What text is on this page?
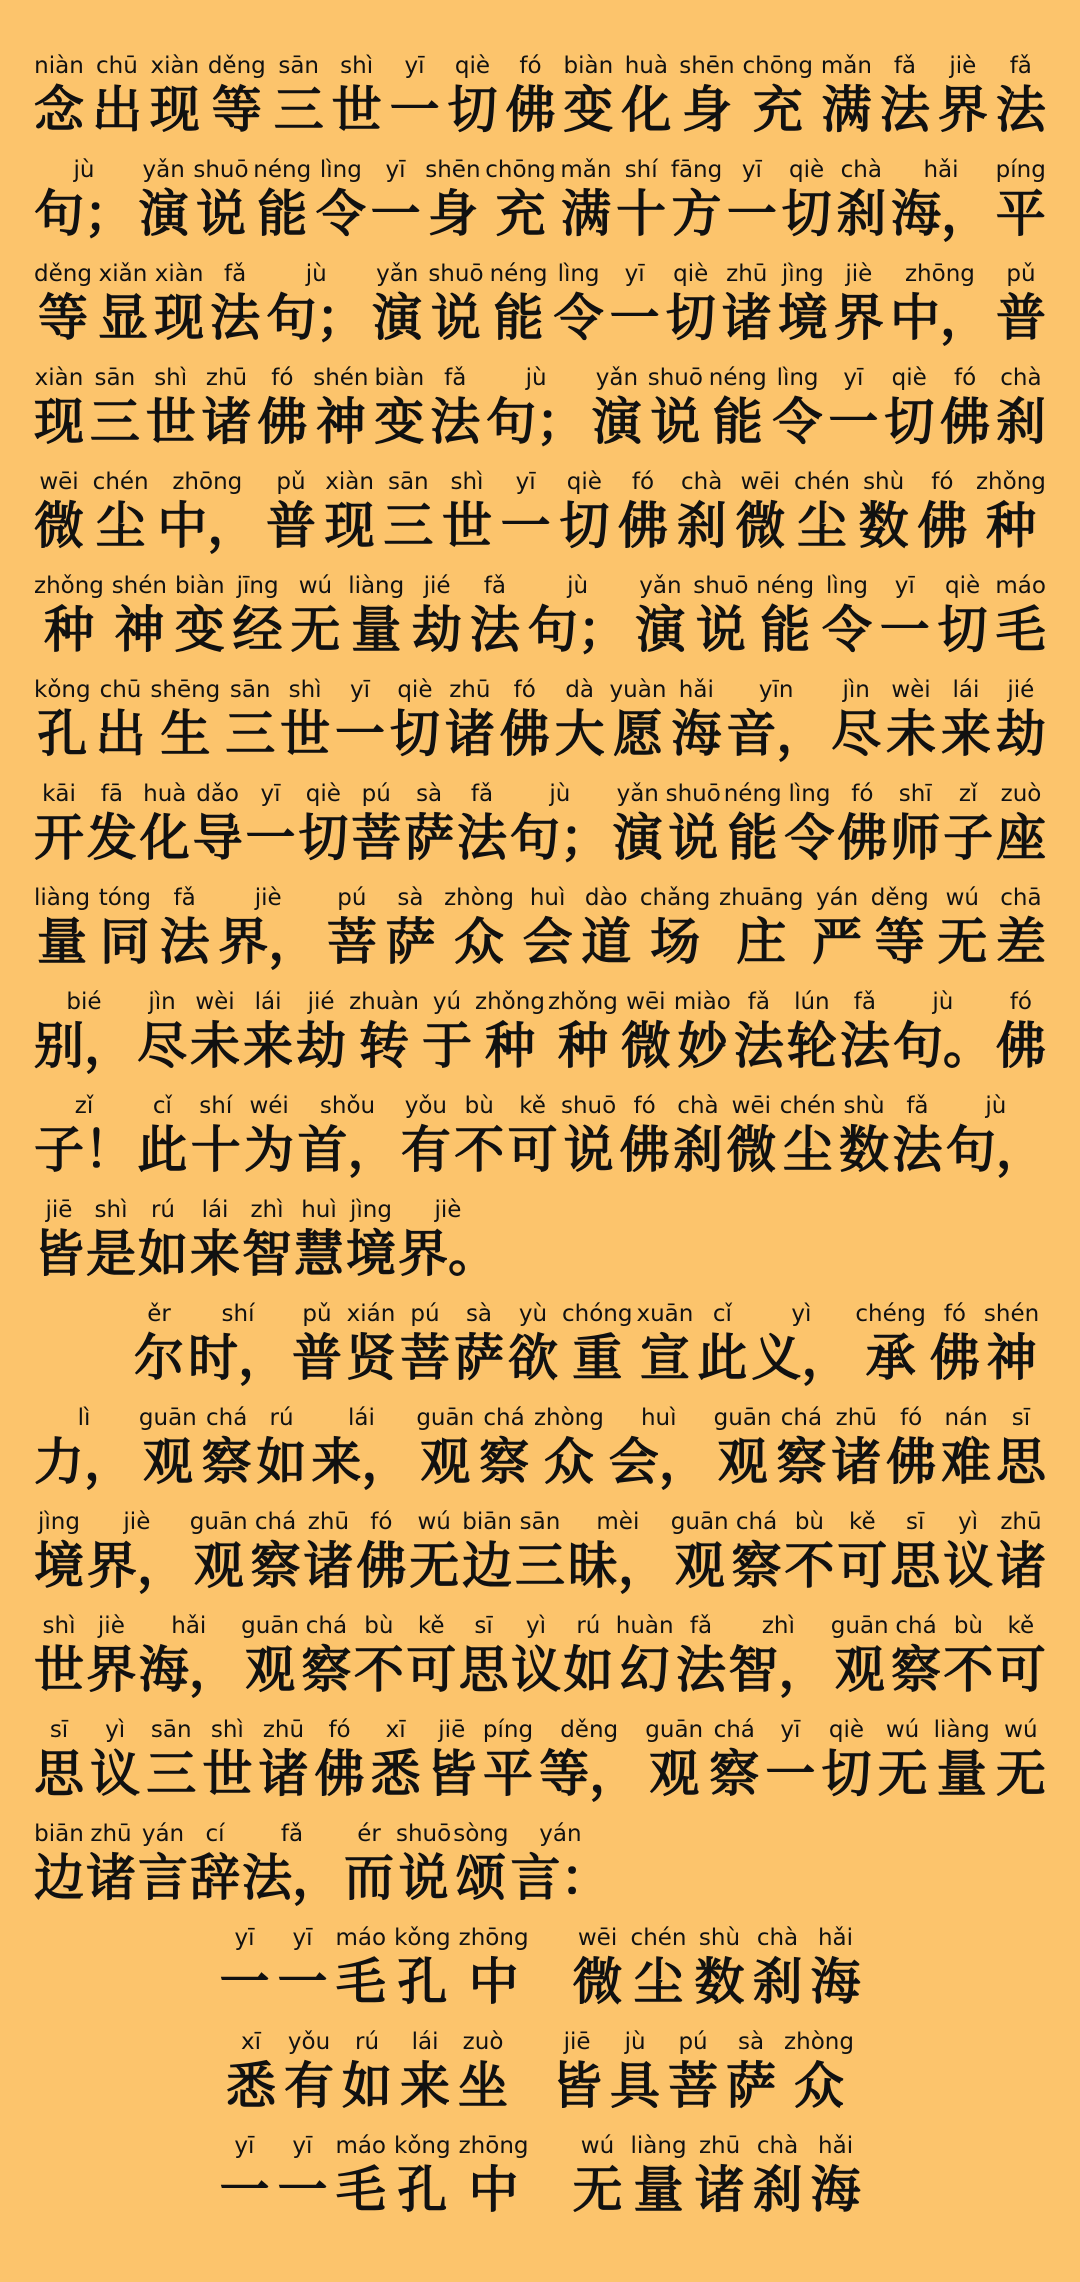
niàn
念
chū
出
xiàn
现
děng
等
sān
三
shì
世
yī
一
qiè
切
fó
佛
biàn
变
huà
化
shēn
身
chōng
充
mǎn
满
fǎ
法
jiè
界
fǎ
法
jù
句；
yǎn
演
shuō
说
néng
能
lìng
令
yī
一
shēn
身
chōng
充
mǎn
满
shí
十
fāng
方
yī
一
qiè
切
chà
刹
hǎi
海，
píng
平
děng
等
xiǎn
显
xiàn
现
fǎ
法
jù
句；
yǎn
演
shuō
说
néng
能
lìng
令
yī
一
qiè
切
zhū
诸
jìng
境
jiè
界
zhōng
中，
pǔ
普
xiàn
现
sān
三
shì
世
zhū
诸
fó
佛
shén
神
biàn
变
fǎ
法
jù
句；
yǎn
演
shuō
说
néng
能
lìng
令
yī
一
qiè
切
fó
佛
chà
刹
wēi
微
chén
尘
zhōng
中，
pǔ
普
xiàn
现
sān
三
shì
世
yī
一
qiè
切
fó
佛
chà
刹
wēi
微
chén
尘
shù
数
fó
佛
zhǒng
种
zhǒng
种
shén
神
biàn
变
jīng
经
wú
无
liàng
量
jié
劫
fǎ
法
jù
句；
yǎn
演
shuō
说
néng
能
lìng
令
yī
一
qiè
切
máo
毛
kǒng
孔
chū
出
shēng
生
sān
三
shì
世
yī
一
qiè
切
zhū
诸
fó
佛
dà
大
yuàn
愿
hǎi
海
yīn
音，
jìn
尽
wèi
未
lái
来
jié
劫
kāi
开
fā
发
huà
化
dǎo
导
yī
一
qiè
切
pú
菩
sà
萨
fǎ
法
jù
句；
yǎn
演
shuō
说
néng
能
lìng
令
fó
佛
shī
师
zǐ
子
zuò
座
liàng
量
tóng
同
fǎ
法
jiè
界，
pú
菩
sà
萨
zhòng
众
huì
会
dào
道
chǎng
场
zhuāng
庄
yán
严
děng
等
wú
无
chā
差
bié
别，
jìn
尽
wèi
未
lái
来
jié
劫
zhuàn
转
yú
于
zhǒng
种
zhǒng
种
wēi
微
miào
妙
fǎ
法
lún
轮
fǎ
法
jù
句。
fó
佛
zǐ
子！
cǐ
此
shí
十
wéi
为
shǒu
首，
yǒu
有
bù
不
kě
可
shuō
说
fó
佛
chà
刹
wēi
微
chén
尘
shù
数
fǎ
法
jù
句，
jiē
皆
shì
是
rú
如
lái
来
zhì
智
huì
慧
jìng
境
jiè
界。
ěr
尔
shí
时，
pǔ
普
xián
贤
pú
菩
sà
萨
yù
欲
chóng
重
xuān
宣
cǐ
此
yì
义，
chéng
承
fó
佛
shén
神
lì
力，
guān
观
chá
察
rú
如
lái
来，
guān
观
chá
察
zhòng
众
huì
会，
guān
观
chá
察
zhū
诸
fó
佛
nán
难
sī
思
jìng
境
jiè
界，
guān
观
chá
察
zhū
诸
fó
佛
wú
无
biān
边
sān
三
mèi
昧，
guān
观
chá
察
bù
不
kě
可
sī
思
yì
议
zhū
诸
shì
世
jiè
界
hǎi
海，
guān
观
chá
察
bù
不
kě
可
sī
思
yì
议
rú
如
huàn
幻
fǎ
法
zhì
智，
guān
观
chá
察
bù
不
kě
可
sī
思
yì
议
sān
三
shì
世
zhū
诸
fó
佛
xī
悉
jiē
皆
píng
平
děng
等，
guān
观
chá
察
yī
一
qiè
切
wú
无
liàng
量
wú
无
biān
边
zhū
诸
yán
言
cí
辞
fǎ
法，
ér
而
shuō
说
sòng
颂
yán
言：
yī
一
yī
一
máo
毛
kǒng
孔
zhōng
中
wēi
微
chén
尘
shù
数
chà
刹
hǎi
海
xī
悉
yǒu
有
rú
如
lái
来
zuò
坐
jiē
皆
jù
具
pú
菩
sà
萨
zhòng
众
yī
一
yī
一
máo
毛
kǒng
孔
zhōng
中
wú
无
liàng
量
zhū
诸
chà
刹
hǎi
海
